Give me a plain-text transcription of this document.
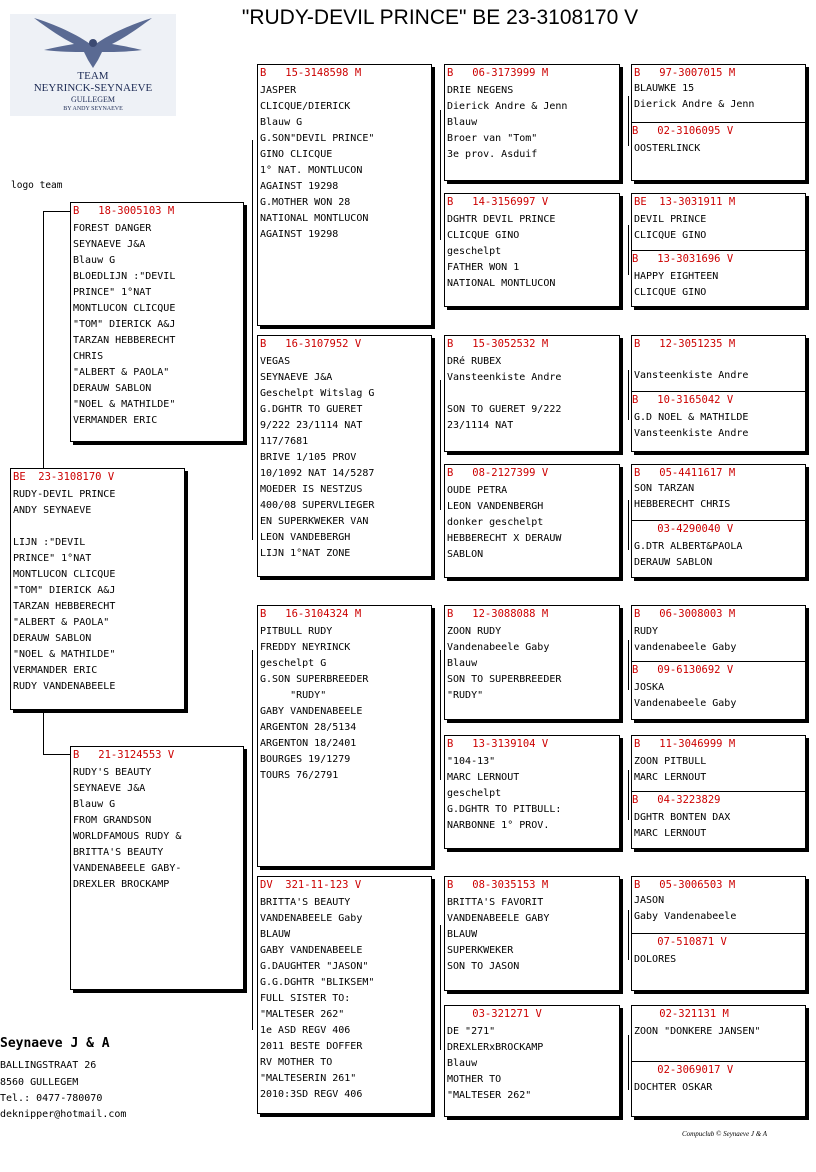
"RUDY-DEVIL PRINCE" BE 23-3108170 V
TEAM
NEYRINCK-SEYNAEVE
GULLEGEM
BY ANDY SEYNAEVE
logo team
BE  23-3108170 V
RUDY-DEVIL PRINCE
ANDY SEYNAEVE

LIJN :"DEVIL
PRINCE" 1°NAT
MONTLUCON CLICQUE
"TOM" DIERICK A&J
TARZAN HEBBERECHT
"ALBERT & PAOLA"
DERAUW SABLON
"NOEL & MATHILDE"
VERMANDER ERIC
RUDY VANDENABEELE
B   18-3005103 M
FOREST DANGER
SEYNAEVE J&A
Blauw G
BLOEDLIJN :"DEVIL
PRINCE" 1°NAT
MONTLUCON CLICQUE
"TOM" DIERICK A&J
TARZAN HEBBERECHT
CHRIS
"ALBERT & PAOLA"
DERAUW SABLON
"NOEL & MATHILDE"
VERMANDER ERIC
B   21-3124553 V
RUDY'S BEAUTY
SEYNAEVE J&A
Blauw G
FROM GRANDSON
WORLDFAMOUS RUDY &
BRITTA'S BEAUTY
VANDENABEELE GABY-
DREXLER BROCKAMP
B   15-3148598 M
JASPER
CLICQUE/DIERICK
Blauw G
G.SON"DEVIL PRINCE"
GINO CLICQUE
1° NAT. MONTLUCON
AGAINST 19298
G.MOTHER WON 28
NATIONAL MONTLUCON
AGAINST 19298
B   16-3107952 V
VEGAS
SEYNAEVE J&A
Geschelpt Witslag G
G.DGHTR TO GUERET
9/222 23/1114 NAT
117/7681
BRIVE 1/105 PROV
10/1092 NAT 14/5287
MOEDER IS NESTZUS
400/08 SUPERVLIEGER
EN SUPERKWEKER VAN
LEON VANDEBERGH
LIJN 1°NAT ZONE
B   16-3104324 M
PITBULL RUDY
FREDDY NEYRINCK
geschelpt G
G.SON SUPERBREEDER
"RUDY"
GABY VANDENABEELE
ARGENTON 28/5134
ARGENTON 18/2401
BOURGES 19/1279
TOURS 76/2791
DV  321-11-123 V
BRITTA'S BEAUTY
VANDENABEELE Gaby
BLAUW
GABY VANDENABEELE
G.DAUGHTER "JASON"
G.G.DGHTR "BLIKSEM"
FULL SISTER TO:
"MALTESER 262"
1e ASD REGV 406
2011 BESTE DOFFER
RV MOTHER TO
"MALTESERIN 261"
2010:3SD REGV 406
B   06-3173999 M
DRIE NEGENS
Dierick Andre & Jenn
Blauw
Broer van "Tom"
3e prov. Asduif
B   14-3156997 V
DGHTR DEVIL PRINCE
CLICQUE GINO
geschelpt
FATHER WON 1
NATIONAL MONTLUCON
B   15-3052532 M
DRé RUBEX
Vansteenkiste Andre

SON TO GUERET 9/222
23/1114 NAT
B   08-2127399 V
OUDE PETRA
LEON VANDENBERGH
donker geschelpt
HEBBERECHT X DERAUW
SABLON
B   12-3088088 M
ZOON RUDY
Vandenabeele Gaby
Blauw
SON TO SUPERBREEDER
"RUDY"
B   13-3139104 V
"104-13"
MARC LERNOUT
geschelpt
G.DGHTR TO PITBULL:
NARBONNE 1° PROV.
B   08-3035153 M
BRITTA'S FAVORIT
VANDENABEELE GABY
BLAUW
SUPERKWEKER
SON TO JASON
03-321271 V
DE "271"
DREXLERxBROCKAMP
Blauw
MOTHER TO
"MALTESER 262"
B   97-3007015 M
BLAUWKE 15
Dierick Andre & Jenn
B   02-3106095 V
OOSTERLINCK
BE  13-3031911 M
DEVIL PRINCE
CLICQUE GINO
B   13-3031696 V
HAPPY EIGHTEEN
CLICQUE GINO
B   12-3051235 M

Vansteenkiste Andre
B   10-3165042 V
G.D NOEL & MATHILDE
Vansteenkiste Andre
B   05-4411617 M
SON TARZAN
HEBBERECHT CHRIS
03-4290040 V
G.DTR ALBERT&PAOLA
DERAUW SABLON
B   06-3008003 M
RUDY
vandenabeele Gaby
B   09-6130692 V
JOSKA
Vandenabeele Gaby
B   11-3046999 M
ZOON PITBULL
MARC LERNOUT
B   04-3223829
DGHTR BONTEN DAX
MARC LERNOUT
B   05-3006503 M
JASON
Gaby Vandenabeele
07-510871 V
DOLORES
02-321131 M
ZOON "DONKERE JANSEN"
02-3069017 V
DOCHTER OSKAR
Seynaeve J & A
BALLINGSTRAAT 26
8560 GULLEGEM
Tel.: 0477-780070
deknipper@hotmail.com
Compuclub © Seynaeve J & A
